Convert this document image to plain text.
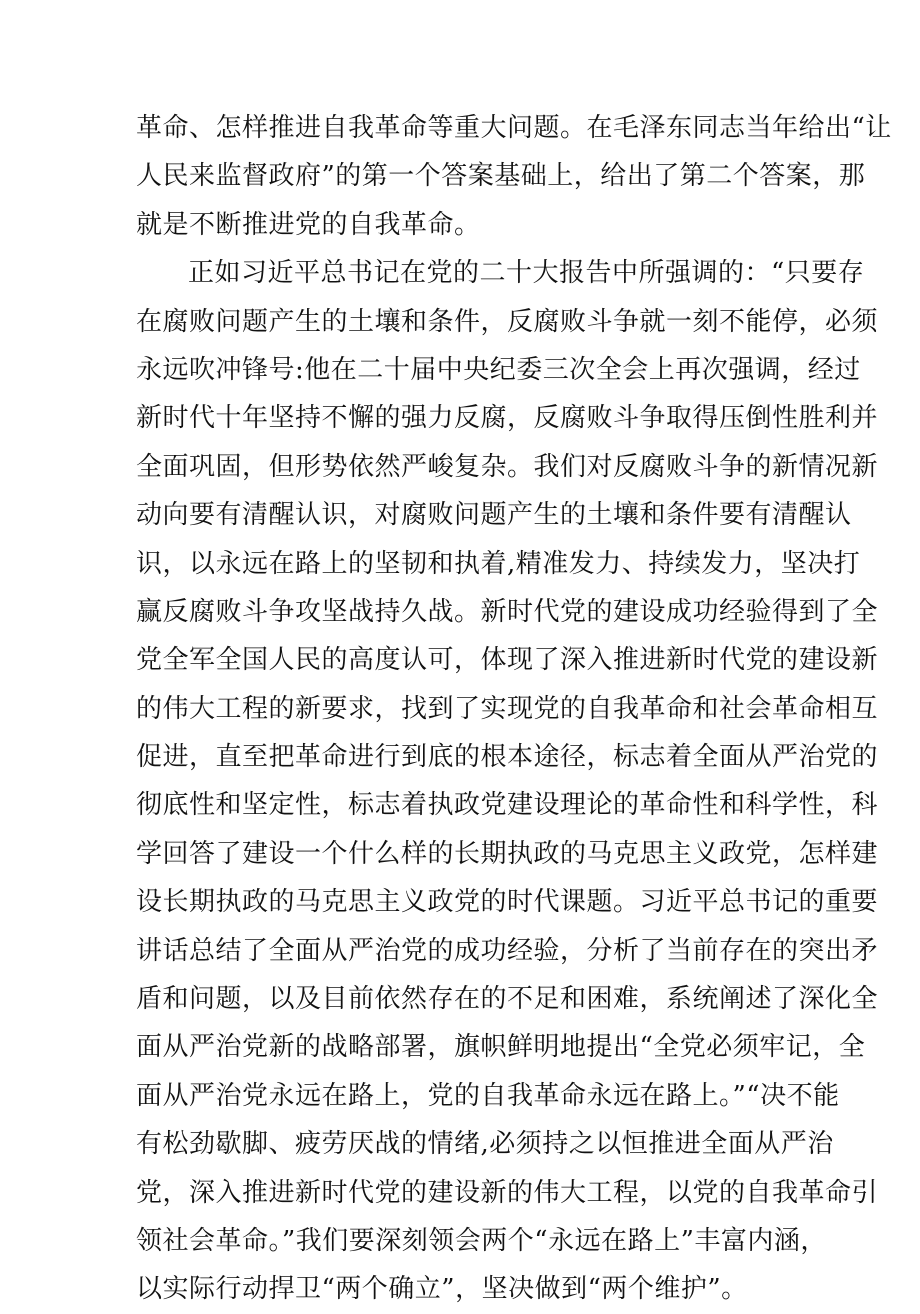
革命、怎样推进自我革命等重大问题。在毛泽东同志当年给出“让
人民来监督政府”的第一个答案基础上，给出了第二个答案，那
就是不断推进党的自我革命。
正如习近平总书记在党的二十大报告中所强调的：“只要存
在腐败问题产生的土壤和条件，反腐败斗争就一刻不能停，必须
永远吹冲锋号:他在二十届中央纪委三次全会上再次强调，经过
新时代十年坚持不懈的强力反腐，反腐败斗争取得压倒性胜利并
全面巩固，但形势依然严峻复杂。我们对反腐败斗争的新情况新
动向要有清醒认识，对腐败问题产生的土壤和条件要有清醒认
识，以永远在路上的坚韧和执着,精准发力、持续发力，坚决打
赢反腐败斗争攻坚战持久战。新时代党的建设成功经验得到了全
党全军全国人民的高度认可，体现了深入推进新时代党的建设新
的伟大工程的新要求，找到了实现党的自我革命和社会革命相互
促进，直至把革命进行到底的根本途径，标志着全面从严治党的
彻底性和坚定性，标志着执政党建设理论的革命性和科学性，科
学回答了建设一个什么样的长期执政的马克思主义政党，怎样建
设长期执政的马克思主义政党的时代课题。习近平总书记的重要
讲话总结了全面从严治党的成功经验，分析了当前存在的突出矛
盾和问题，以及目前依然存在的不足和困难，系统阐述了深化全
面从严治党新的战略部署，旗帜鲜明地提出“全党必须牢记，全
面从严治党永远在路上，党的自我革命永远在路上。”“决不能
有松劲歇脚、疲劳厌战的情绪,必须持之以恒推进全面从严治
党，深入推进新时代党的建设新的伟大工程，以党的自我革命引
领社会革命。”我们要深刻领会两个“永远在路上”丰富内涵，
以实际行动捍卫“两个确立”，坚决做到“两个维护”。
